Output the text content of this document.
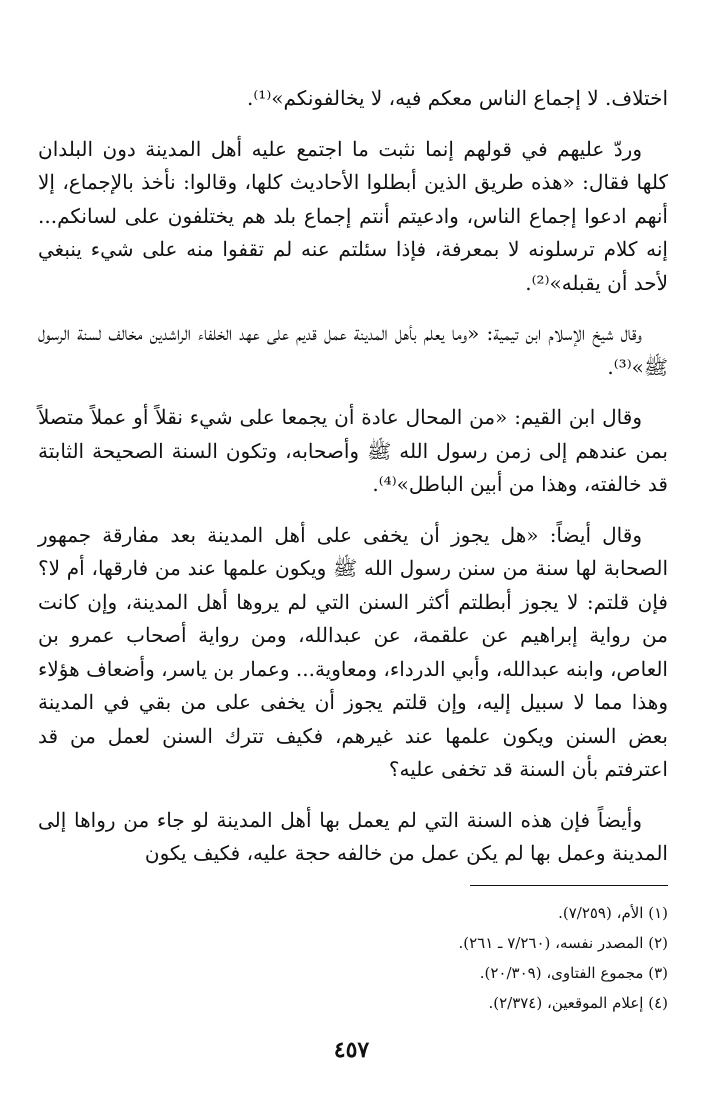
اختلاف. لا إجماع الناس معكم فيه، لا يخالفونكم»⁽¹⁾.

وردّ عليهم في قولهم إنما نثبت ما اجتمع عليه أهل المدينة دون البلدان كلها فقال: «هذه طريق الذين أبطلوا الأحاديث كلها، وقالوا: نأخذ بالإجماع، إلا أنهم ادعوا إجماع الناس، وادعيتم أنتم إجماع بلد هم يختلفون على لسانكم... إنه كلام ترسلونه لا بمعرفة، فإذا سئلتم عنه لم تقفوا منه على شيء ينبغي لأحد أن يقبله»⁽²⁾.

وقال شيخ الإسلام ابن تيمية: «وما يعلم بأهل المدينة عمل قديم على عهد الخلفاء الراشدين مخالف لسنة الرسول ﷺ»⁽³⁾.

وقال ابن القيم: «من المحال عادة أن يجمعا على شيء نقلاً أو عملاً متصلاً بمن عندهم إلى زمن رسول الله ﷺ وأصحابه، وتكون السنة الصحيحة الثابتة قد خالفته، وهذا من أبين الباطل»⁽⁴⁾.

وقال أيضاً: «هل يجوز أن يخفى على أهل المدينة بعد مفارقة جمهور الصحابة لها سنة من سنن رسول الله ﷺ ويكون علمها عند من فارقها، أم لا؟ فإن قلتم: لا يجوز أبطلتم أكثر السنن التي لم يروها أهل المدينة، وإن كانت من رواية إبراهيم عن علقمة، عن عبدالله، ومن رواية أصحاب عمرو بن العاص، وابنه عبدالله، وأبي الدرداء، ومعاوية... وعمار بن ياسر، وأضعاف هؤلاء وهذا مما لا سبيل إليه، وإن قلتم يجوز أن يخفى على من بقي في المدينة بعض السنن ويكون علمها عند غيرهم، فكيف تترك السنن لعمل من قد اعترفتم بأن السنة قد تخفى عليه؟

وأيضاً فإن هذه السنة التي لم يعمل بها أهل المدينة لو جاء من رواها إلى المدينة وعمل بها لم يكن عمل من خالفه حجة عليه، فكيف يكون

(١) الأم، (٧/٢٥٩).
(٢) المصدر نفسه، (٧/٢٦٠ ـ ٢٦١).
(٣) مجموع الفتاوى، (٢٠/٣٠٩).
(٤) إعلام الموقعين، (٢/٣٧٤).
٤٥٧
